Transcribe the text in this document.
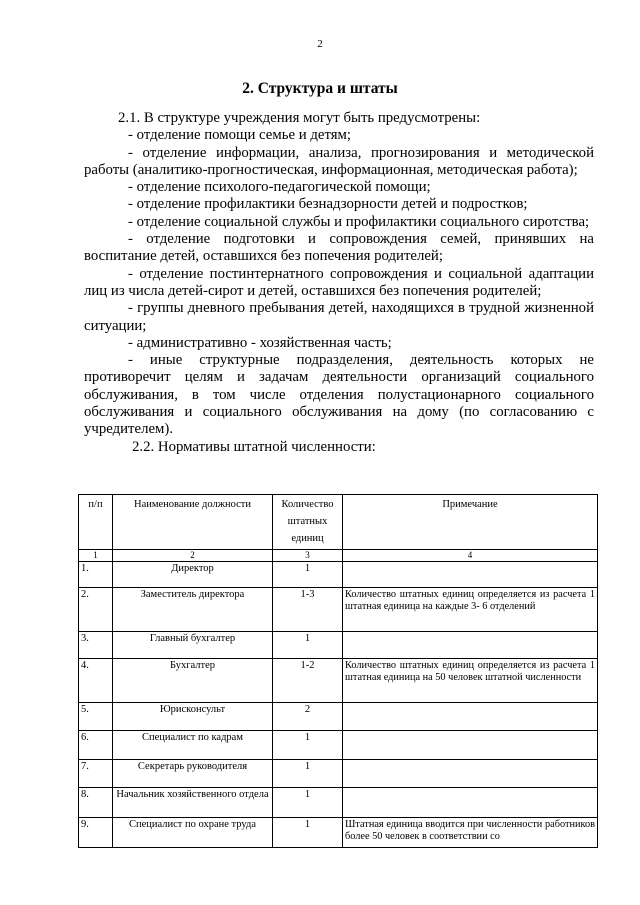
2
2. Структура и штаты

2.1. В структуре учреждения могут быть предусмотрены:

- отделение помощи семье и детям;

- отделение информации, анализа, прогнозирования и методической работы (аналитико-прогностическая, информационная, методическая работа);

- отделение психолого-педагогической помощи;

- отделение профилактики безнадзорности детей и подростков;

- отделение социальной службы и профилактики социального сиротства;

- отделение подготовки и сопровождения семей, принявших на воспитание детей, оставшихся без попечения родителей;

- отделение постинтернатного сопровождения и социальной адаптации лиц из числа детей-сирот и детей, оставшихся без попечения родителей;

- группы дневного пребывания детей, находящихся в трудной жизненной ситуации;

- административно - хозяйственная часть;

- иные структурные подразделения, деятельность которых не противоречит целям и задачам деятельности организаций социального обслуживания, в том числе отделения полустационарного социального обслуживания и социального обслуживания на дому (по согласованию с учредителем).

2.2. Нормативы штатной численности:

п/п	Наименование должности	Количество штатных единиц	Примечание
1	2	3	4
1.	Директор	1	
2.	Заместитель директора	1-3	Количество штатных единиц определяется из расчета 1 штатная единица на каждые 3- 6 отделений
3.	Главный бухгалтер	1	
4.	Бухгалтер	1-2	Количество штатных единиц определяется из расчета 1 штатная единица на 50 человек штатной численности
5.	Юрисконсульт	2	
6.	Специалист по кадрам	1	
7.	Секретарь руководителя	1	
8.	Начальник хозяйственного отдела	1	
9.	Специалист по охране труда	1	Штатная единица вводится при численности работников более 50 человек в соответствии со
